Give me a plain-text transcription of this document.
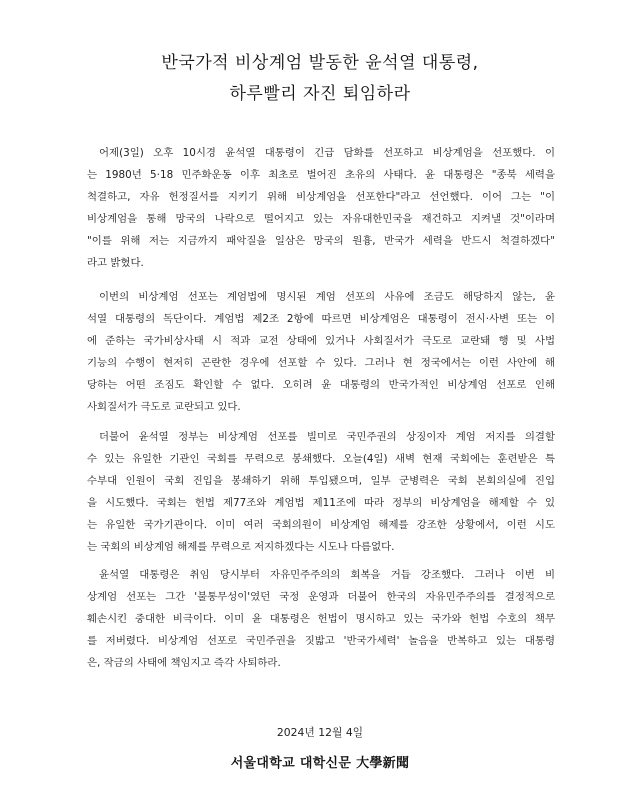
반국가적 비상계엄 발동한 윤석열 대통령,
하루빨리 자진 퇴임하라
어제(3일) 오후 10시경 윤석열 대통령이 긴급 담화를 선포하고 비상계엄을 선포했다. 이
는 1980년 5·18 민주화운동 이후 최초로 벌어진 초유의 사태다. 윤 대통령은 "종북 세력을
척결하고, 자유 헌정질서를 지키기 위해 비상계엄을 선포한다"라고 선언했다. 이어 그는 "이
비상계엄을 통해 망국의 나락으로 떨어지고 있는 자유대한민국을 재건하고 지켜낼 것"이라며
"이를 위해 저는 지금까지 패악질을 일삼은 망국의 원흉, 반국가 세력을 반드시 척결하겠다"
라고 밝혔다.
이번의 비상계엄 선포는 계엄법에 명시된 계엄 선포의 사유에 조금도 해당하지 않는, 윤
석열 대통령의 독단이다. 계엄법 제2조 2항에 따르면 비상계엄은 대통령이 전시·사변 또는 이
에 준하는 국가비상사태 시 적과 교전 상태에 있거나 사회질서가 극도로 교란돼 행 및 사법
기능의 수행이 현저히 곤란한 경우에 선포할 수 있다. 그러나 현 정국에서는 이런 사안에 해
당하는 어떤 조짐도 확인할 수 없다. 오히려 윤 대통령의 반국가적인 비상계엄 선포로 인해
사회질서가 극도로 교란되고 있다.
더불어 윤석열 정부는 비상계엄 선포를 빌미로 국민주권의 상징이자 계엄 저지를 의결할
수 있는 유일한 기관인 국회를 무력으로 봉쇄했다. 오늘(4일) 새벽 현재 국회에는 훈련받은 특
수부대 인원이 국회 진입을 봉쇄하기 위해 투입됐으며, 일부 군병력은 국회 본회의실에 진입
을 시도했다. 국회는 헌법 제77조와 계엄법 제11조에 따라 정부의 비상계엄을 해제할 수 있
는 유일한 국가기관이다. 이미 여러 국회의원이 비상계엄 해제를 강조한 상황에서, 이런 시도
는 국회의 비상계엄 해제를 무력으로 저지하겠다는 시도나 다름없다.
윤석열 대통령은 취임 당시부터 자유민주주의의 회복을 거듭 강조했다. 그러나 이번 비
상계엄 선포는 그간 '불통무성이'였던 국정 운영과 더불어 한국의 자유민주주의를 결정적으로
훼손시킨 중대한 비극이다. 이미 윤 대통령은 헌법이 명시하고 있는 국가와 헌법 수호의 책무
를 저버렸다. 비상계엄 선포로 국민주권을 짓밟고 '반국가세력' 놀음을 반복하고 있는 대통령
은, 작금의 사태에 책임지고 즉각 사퇴하라.
2024년 12월 4일
서울대학교 대학신문 大學新聞
